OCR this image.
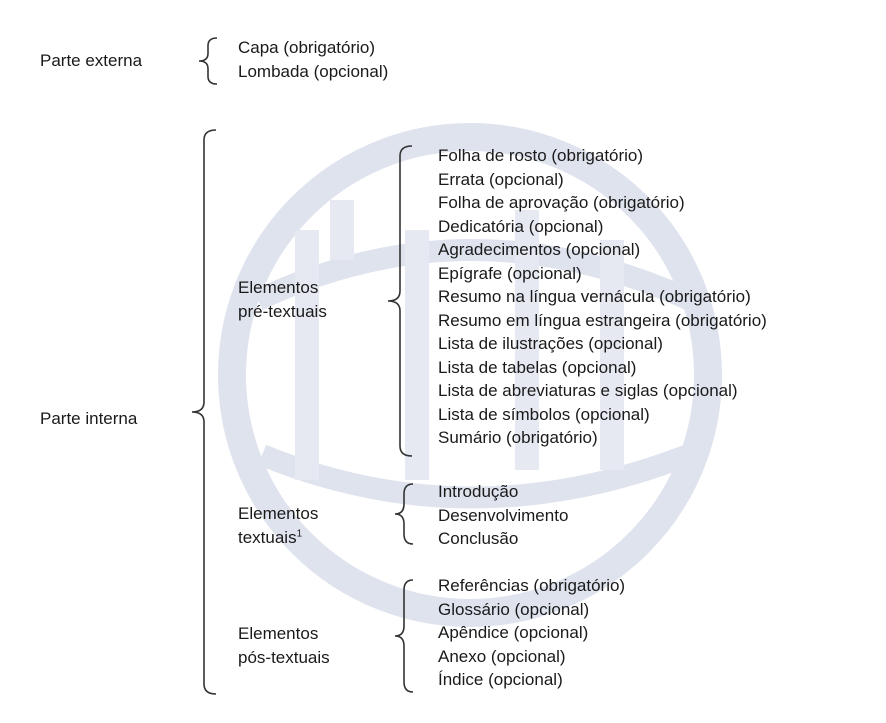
Parte externa
Capa (obrigatório)
Lombada (opcional)
Parte interna
Elementos
pré-textuais
Folha de rosto (obrigatório)
Errata (opcional)
Folha de aprovação (obrigatório)
Dedicatória (opcional)
Agradecimentos (opcional)
Epígrafe (opcional)
Resumo na língua vernácula (obrigatório)
Resumo em língua estrangeira (obrigatório)
Lista de ilustrações (opcional)
Lista de tabelas (opcional)
Lista de abreviaturas e siglas (opcional)
Lista de símbolos (opcional)
Sumário (obrigatório)
Elementos
textuais$^1$
Introdução
Desenvolvimento
Conclusão
Elementos
pós-textuais
Referências (obrigatório)
Glossário (opcional)
Apêndice (opcional)
Anexo (opcional)
Índice (opcional)
